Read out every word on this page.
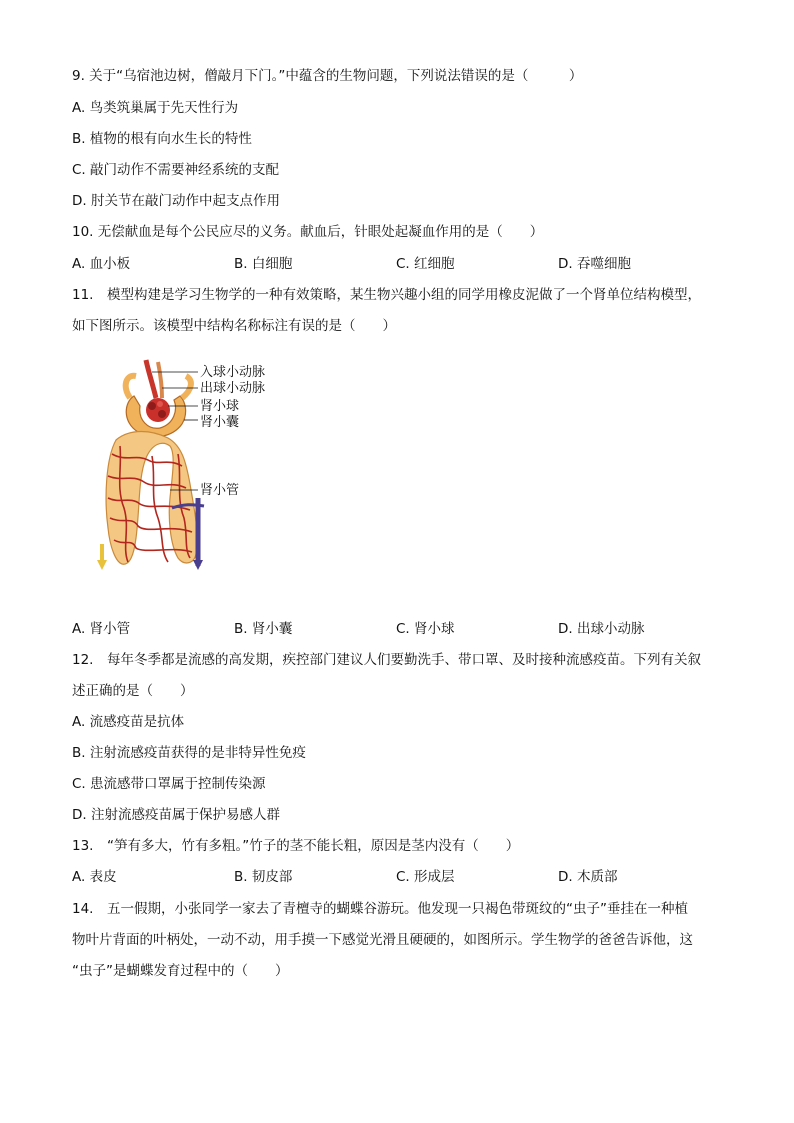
9. 关于“乌宿池边树，僧敲月下门。”中蕴含的生物问题，下列说法错误的是（　　　）
A. 鸟类筑巢属于先天性行为
B. 植物的根有向水生长的特性
C. 敲门动作不需要神经系统的支配
D. 肘关节在敲门动作中起支点作用
10. 无偿献血是每个公民应尽的义务。献血后，针眼处起凝血作用的是（　　）
A. 血小板	B. 白细胞	C. 红细胞	D. 吞噬细胞
11.　模型构建是学习生物学的一种有效策略，某生物兴趣小组的同学用橡皮泥做了一个肾单位结构模型，
如下图所示。该模型中结构名称标注有误的是（　　）
入球小动脉
出球小动脉
肾小球
肾小囊
肾小管
A. 肾小管	B. 肾小囊	C. 肾小球	D. 出球小动脉
12.　每年冬季都是流感的高发期，疾控部门建议人们要勤洗手、带口罩、及时接种流感疫苗。下列有关叙
述正确的是（　　）
A. 流感疫苗是抗体
B. 注射流感疫苗获得的是非特异性免疫
C. 患流感带口罩属于控制传染源
D. 注射流感疫苗属于保护易感人群
13.　“笋有多大，竹有多粗。”竹子的茎不能长粗，原因是茎内没有（　　）
A. 表皮	B. 韧皮部	C. 形成层	D. 木质部
14.　五一假期，小张同学一家去了青檀寺的蝴蝶谷游玩。他发现一只褐色带斑纹的“虫子”垂挂在一种植
物叶片背面的叶柄处，一动不动，用手摸一下感觉光滑且硬硬的，如图所示。学生物学的爸爸告诉他，这
“虫子”是蝴蝶发育过程中的（　　）
